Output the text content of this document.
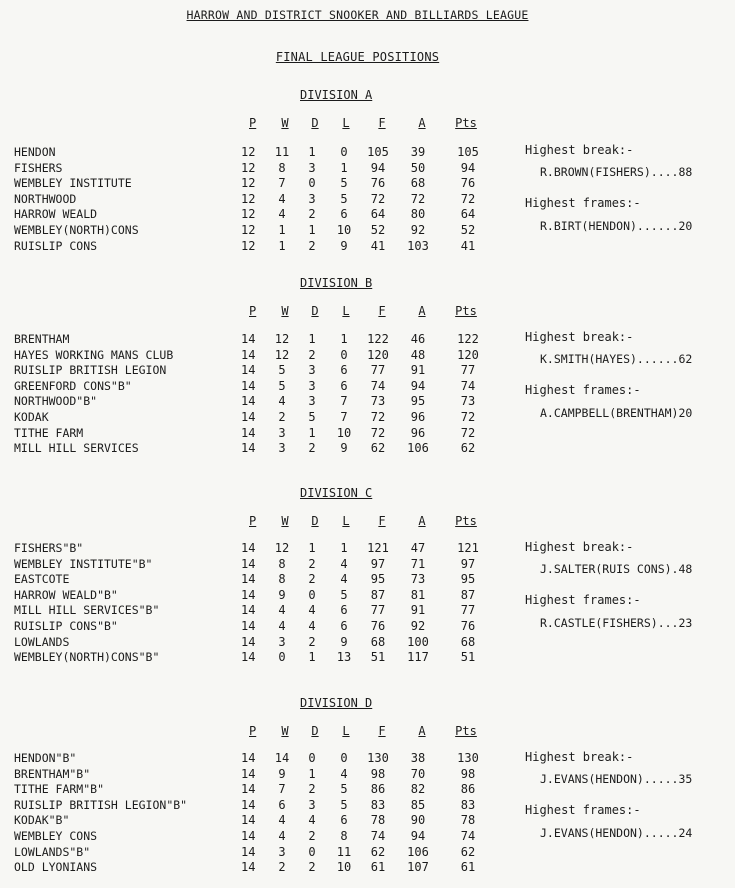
HARROW AND DISTRICT SNOOKER AND BILLIARDS LEAGUE
FINAL LEAGUE POSITIONS
DIVISION A
P	W	D	L	F	A	Pts
HENDON	12	11	1	0	105	39	105
FISHERS	12	8	3	1	94	50	94
WEMBLEY INSTITUTE	12	7	0	5	76	68	76
NORTHWOOD	12	4	3	5	72	72	72
HARROW WEALD	12	4	2	6	64	80	64
WEMBLEY(NORTH)CONS	12	1	1	10	52	92	52
RUISLIP CONS	12	1	2	9	41	103	41
Highest break:-
R.BROWN(FISHERS)....88
Highest frames:-
R.BIRT(HENDON)......20
DIVISION B
P	W	D	L	F	A	Pts
BRENTHAM	14	12	1	1	122	46	122
HAYES WORKING MANS CLUB	14	12	2	0	120	48	120
RUISLIP BRITISH LEGION	14	5	3	6	77	91	77
GREENFORD CONS"B"	14	5	3	6	74	94	74
NORTHWOOD"B"	14	4	3	7	73	95	73
KODAK	14	2	5	7	72	96	72
TITHE FARM	14	3	1	10	72	96	72
MILL HILL SERVICES	14	3	2	9	62	106	62
Highest break:-
K.SMITH(HAYES)......62
Highest frames:-
A.CAMPBELL(BRENTHAM)20
DIVISION C
P	W	D	L	F	A	Pts
FISHERS"B"	14	12	1	1	121	47	121
WEMBLEY INSTITUTE"B"	14	8	2	4	97	71	97
EASTCOTE	14	8	2	4	95	73	95
HARROW WEALD"B"	14	9	0	5	87	81	87
MILL HILL SERVICES"B"	14	4	4	6	77	91	77
RUISLIP CONS"B"	14	4	4	6	76	92	76
LOWLANDS	14	3	2	9	68	100	68
WEMBLEY(NORTH)CONS"B"	14	0	1	13	51	117	51
Highest break:-
J.SALTER(RUIS CONS).48
Highest frames:-
R.CASTLE(FISHERS)...23
DIVISION D
P	W	D	L	F	A	Pts
HENDON"B"	14	14	0	0	130	38	130
BRENTHAM"B"	14	9	1	4	98	70	98
TITHE FARM"B"	14	7	2	5	86	82	86
RUISLIP BRITISH LEGION"B"	14	6	3	5	83	85	83
KODAK"B"	14	4	4	6	78	90	78
WEMBLEY CONS	14	4	2	8	74	94	74
LOWLANDS"B"	14	3	0	11	62	106	62
OLD LYONIANS	14	2	2	10	61	107	61
Highest break:-
J.EVANS(HENDON).....35
Highest frames:-
J.EVANS(HENDON).....24
